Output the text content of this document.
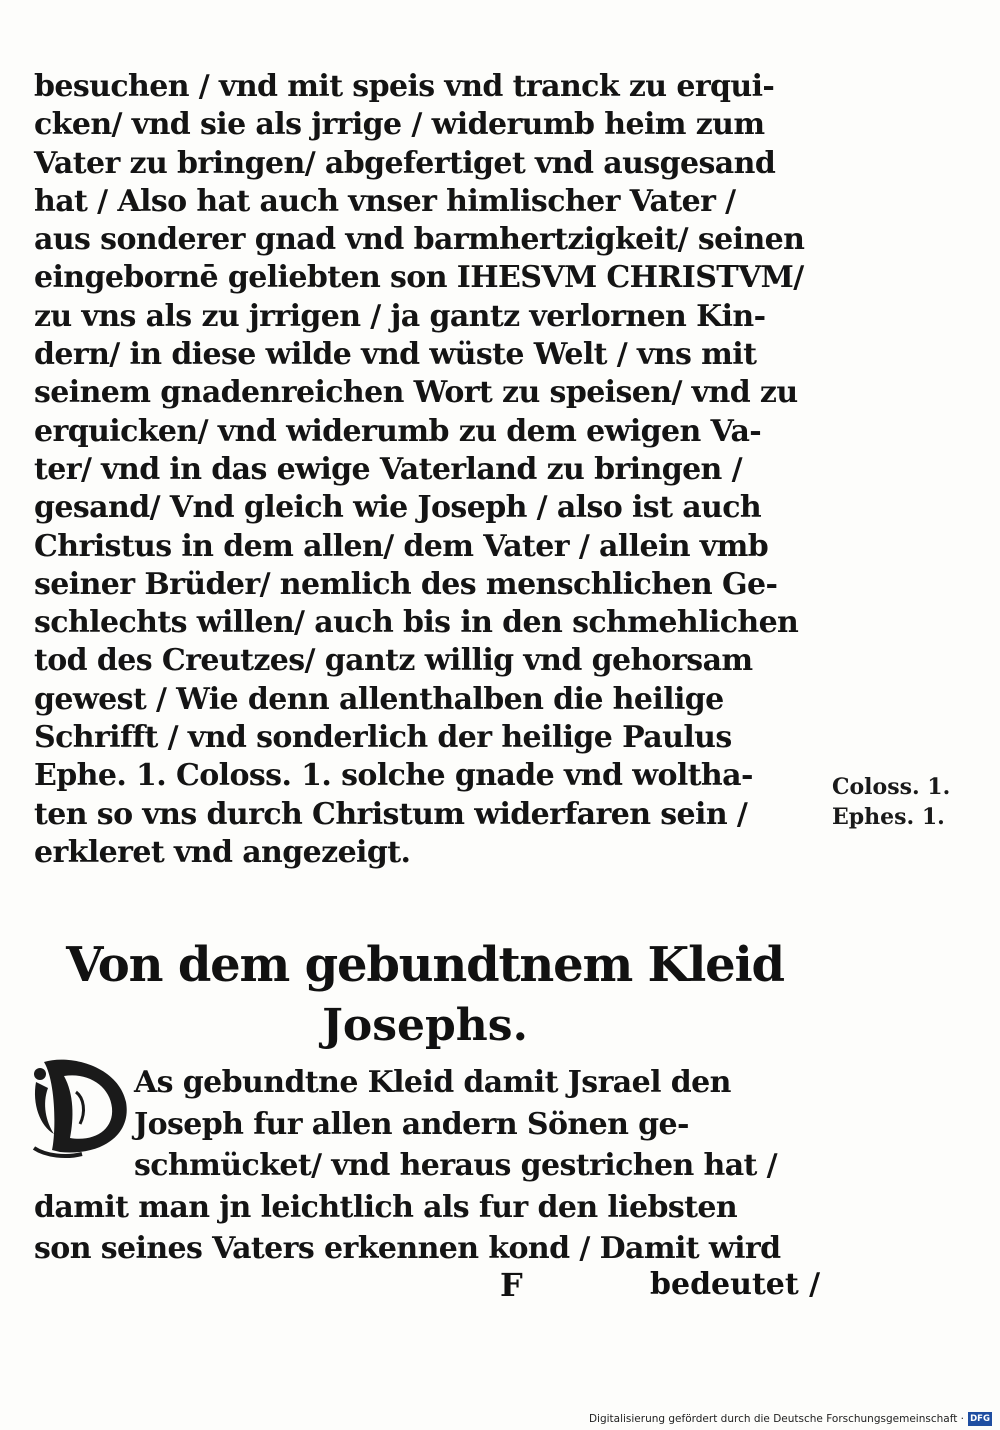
besuchen / vnd mit speis vnd tranck zu erqui-
cken/ vnd sie als jrrige / widerumb heim zum
Vater zu bringen/ abgefertiget vnd ausgesand
hat / Also hat auch vnser himlischer Vater /
aus sonderer gnad vnd barmhertzigkeit/ seinen
eingebornē geliebten son IHESVM CHRISTVM/
zu vns als zu jrrigen / ja gantz verlornen Kin-
dern/ in diese wilde vnd wüste Welt / vns mit
seinem gnadenreichen Wort zu speisen/ vnd zu
erquicken/ vnd widerumb zu dem ewigen Va-
ter/ vnd in das ewige Vaterland zu bringen /
gesand/ Vnd gleich wie Joseph / also ist auch
Christus in dem allen/ dem Vater / allein vmb
seiner Brüder/ nemlich des menschlichen Ge-
schlechts willen/ auch bis in den schmehlichen
tod des Creutzes/ gantz willig vnd gehorsam
gewest / Wie denn allenthalben die heilige
Schrifft / vnd sonderlich der heilige Paulus
Ephe. 1. Coloss. 1. solche gnade vnd woltha-
ten so vns durch Christum widerfaren sein /
erkleret vnd angezeigt.
Coloss. 1.
Ephes. 1.
Von dem gebundtnem Kleid
Josephs.
As gebundtne Kleid damit Jsrael den
Joseph fur allen andern Sönen ge-
schmücket/ vnd heraus gestrichen hat /
damit man jn leichtlich als fur den liebsten
son seines Vaters erkennen kond / Damit wird
F	bedeutet /
Digitalisierung gefördert durch die Deutsche Forschungsgemeinschaft · DFG
